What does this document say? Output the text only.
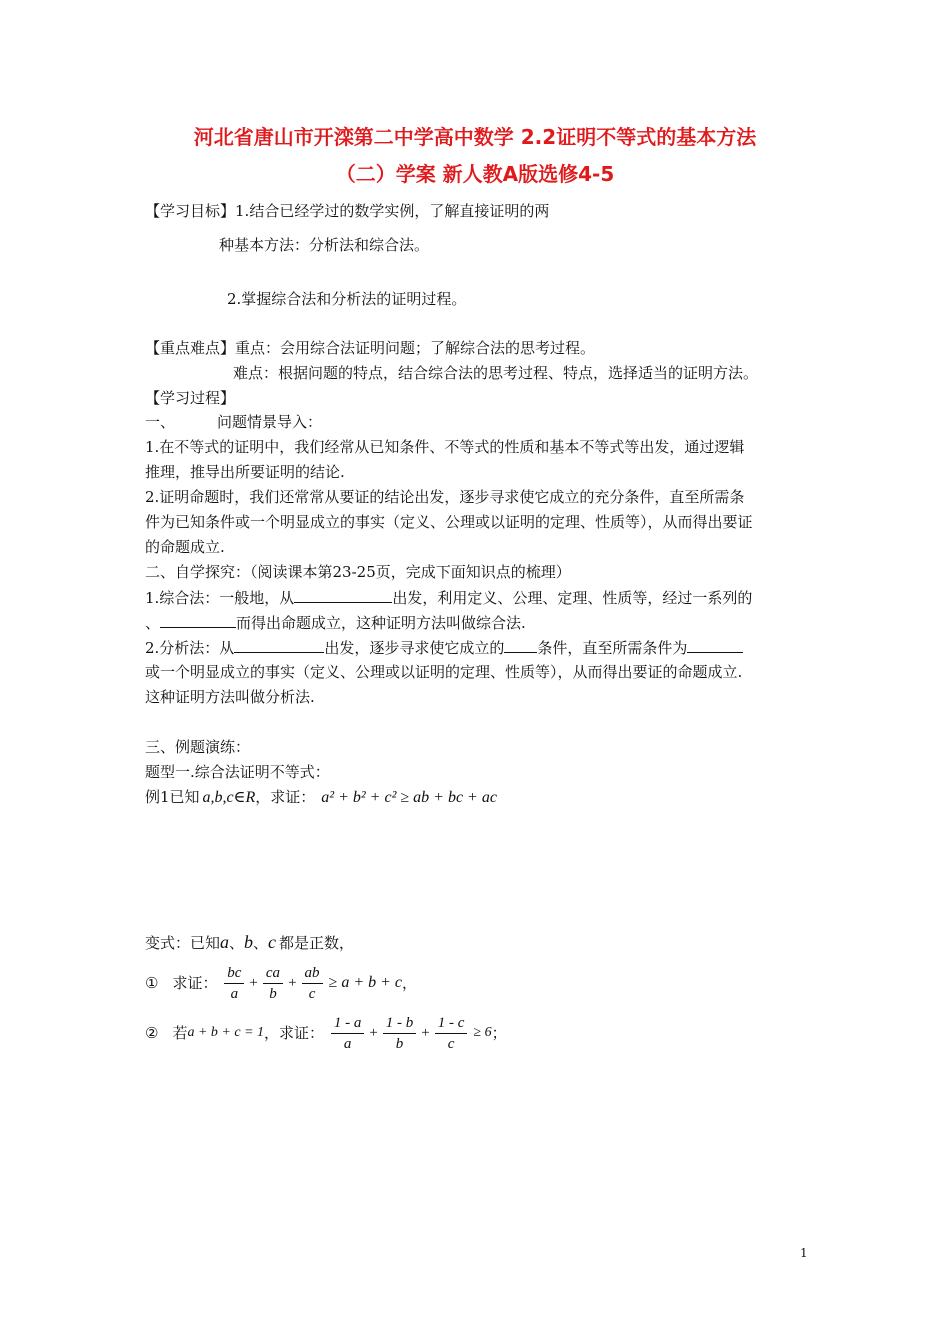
河北省唐山市开滦第二中学高中数学 2.2证明不等式的基本方法
（二）学案 新人教A版选修4-5
【学习目标】1.结合已经学过的数学实例，了解直接证明的两
种基本方法：分析法和综合法。
2.掌握综合法和分析法的证明过程。
【重点难点】重点：会用综合法证明问题；了解综合法的思考过程。
难点：根据问题的特点，结合综合法的思考过程、特点，选择适当的证明方法。
【学习过程】
一、	问题情景导入：
1.在不等式的证明中，我们经常从已知条件、不等式的性质和基本不等式等出发，通过逻辑
推理，推导出所要证明的结论.
2.证明命题时，我们还常常从要证的结论出发，逐步寻求使它成立的充分条件，直至所需条
件为已知条件或一个明显成立的事实（定义、公理或以证明的定理、性质等），从而得出要证
的命题成立.
二、自学探究：（阅读课本第23-25页，完成下面知识点的梳理）
1.综合法：一般地，从	出发，利用定义、公理、定理、性质等，经过一系列的
、	而得出命题成立，这种证明方法叫做综合法.
2.分析法：从	出发，逐步寻求使它成立的 条件，直至所需条件为
或一个明显成立的事实（定义、公理或以证明的定理、性质等），从而得出要证的命题成立.
这种证明方法叫做分析法.
三、例题演练：
题型一.综合法证明不等式：
例1已知 a,b,c∈R，求证： a² + b² + c² ≥ ab + bc + ac
变式：已知a、b、c 都是正数，
① 求证： $\frac{bc}{a} + \frac{ca}{b} + \frac{ab}{c} \ge a + b + c$，
② 若a + b + c = 1，求证： $\frac{1 - a}{a} + \frac{1 - b}{b} + \frac{1 - c}{c} \ge 6$；
1
